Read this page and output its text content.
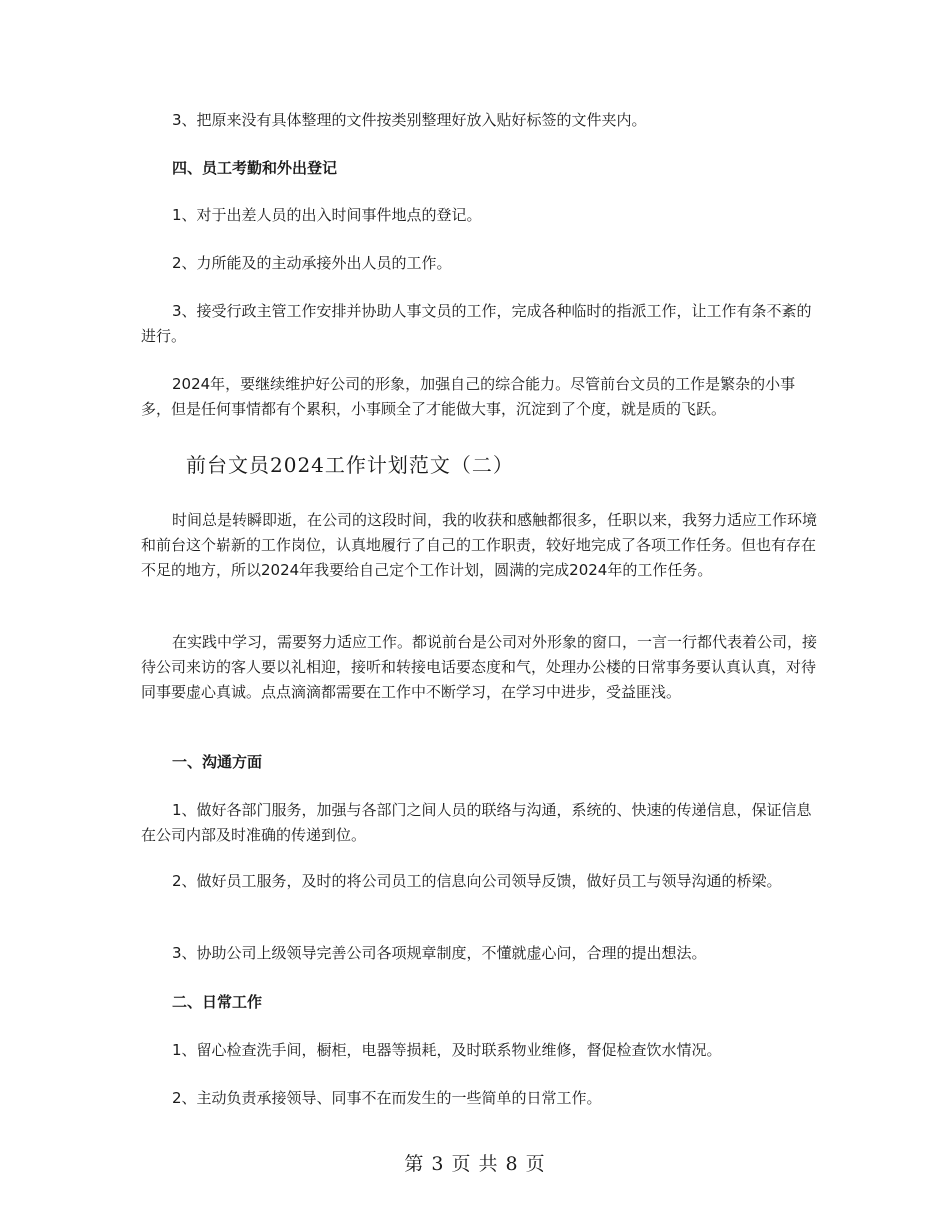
3、把原来没有具体整理的文件按类别整理好放入贴好标签的文件夹内。

四、员工考勤和外出登记

1、对于出差人员的出入时间事件地点的登记。

2、力所能及的主动承接外出人员的工作。

3、接受行政主管工作安排并协助人事文员的工作，完成各种临时的指派工作，让工作有条不紊的进行。

2024年，要继续维护好公司的形象，加强自己的综合能力。尽管前台文员的工作是繁杂的小事多，但是任何事情都有个累积，小事顾全了才能做大事，沉淀到了个度，就是质的飞跃。

前台文员2024工作计划范文（二）

时间总是转瞬即逝，在公司的这段时间，我的收获和感触都很多，任职以来，我努力适应工作环境和前台这个崭新的工作岗位，认真地履行了自己的工作职责，较好地完成了各项工作任务。但也有存在不足的地方，所以2024年我要给自己定个工作计划，圆满的完成2024年的工作任务。

在实践中学习，需要努力适应工作。都说前台是公司对外形象的窗口，一言一行都代表着公司，接待公司来访的客人要以礼相迎，接听和转接电话要态度和气，处理办公楼的日常事务要认真认真，对待同事要虚心真诚。点点滴滴都需要在工作中不断学习，在学习中进步，受益匪浅。

一、沟通方面

1、做好各部门服务，加强与各部门之间人员的联络与沟通，系统的、快速的传递信息，保证信息在公司内部及时准确的传递到位。

2、做好员工服务，及时的将公司员工的信息向公司领导反馈，做好员工与领导沟通的桥梁。

3、协助公司上级领导完善公司各项规章制度，不懂就虚心问，合理的提出想法。

二、日常工作

1、留心检查洗手间，橱柜，电器等损耗，及时联系物业维修，督促检查饮水情况。

2、主动负责承接领导、同事不在而发生的一些简单的日常工作。

第 3 页 共 8 页
